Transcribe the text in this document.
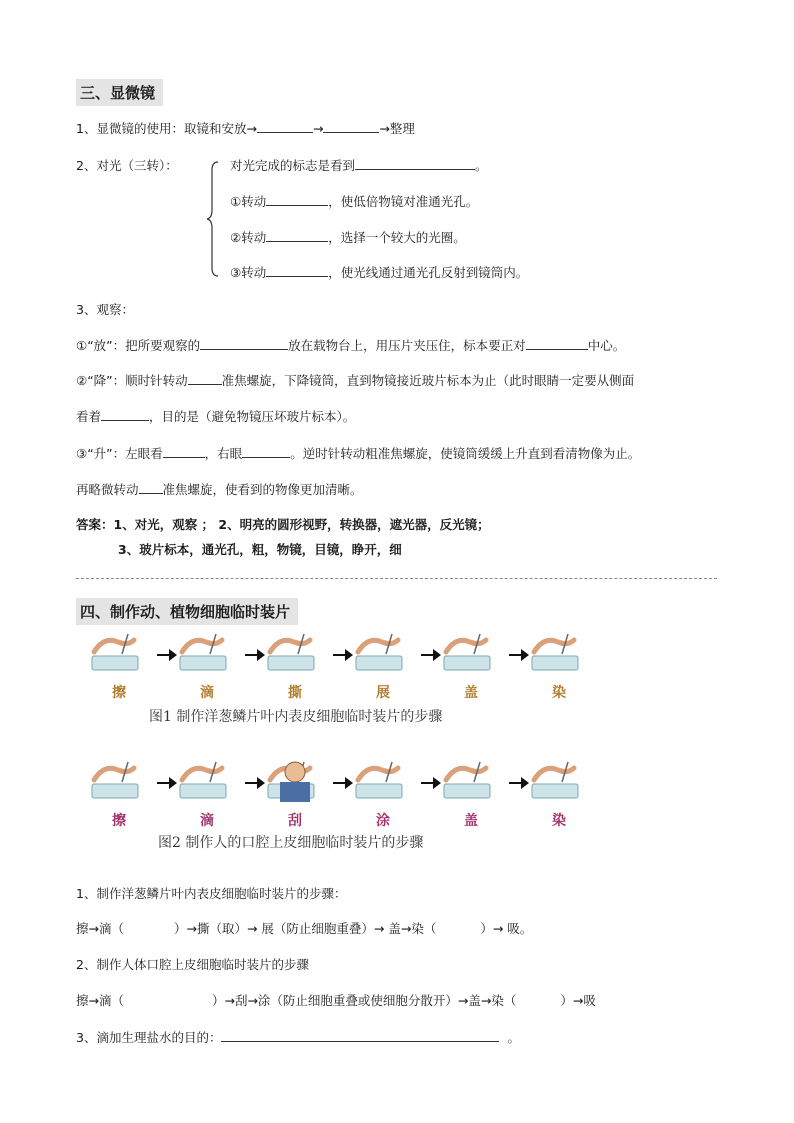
三、显微镜
1、显微镜的使用：取镜和安放→	→	→整理
2、对光（三转）：	对光完成的标志是看到	。
①转动	，使低倍物镜对准通光孔。
②转动	，选择一个较大的光圈。
③转动	，使光线通过通光孔反射到镜筒内。
3、观察：
①“放”：把所要观察的	放在载物台上，用压片夹压住，标本要正对	中心。
②“降”：顺时针转动	准焦螺旋，下降镜筒，直到物镜接近玻片标本为止（此时眼睛一定要从侧面
看着	，目的是（避免物镜压坏玻片标本）。
③“升”：左眼看	，右眼	。逆时针转动粗准焦螺旋，使镜筒缓缓上升直到看清物像为止。
再略微转动 准焦螺旋，使看到的物像更加清晰。
答案：1、对光，观察 ； 2、明亮的圆形视野，转换器，遮光器，反光镜；
3、玻片标本，通光孔，粗，物镜，目镜，睁开，细
四、制作动、植物细胞临时装片
擦	滴	撕	展	盖	染
图1 制作洋葱鳞片叶内表皮细胞临时装片的步骤
擦	滴	刮	涂	盖	染
图2 制作人的口腔上皮细胞临时装片的步骤
1、制作洋葱鳞片叶内表皮细胞临时装片的步骤：
擦→滴（	）→撕（取）→ 展（防止细胞重叠）→ 盖→染（	）→ 吸。
2、制作人体口腔上皮细胞临时装片的步骤
擦→滴（	）→刮→涂（防止细胞重叠或使细胞分散开）→盖→染（	）→吸
3、滴加生理盐水的目的：	。
